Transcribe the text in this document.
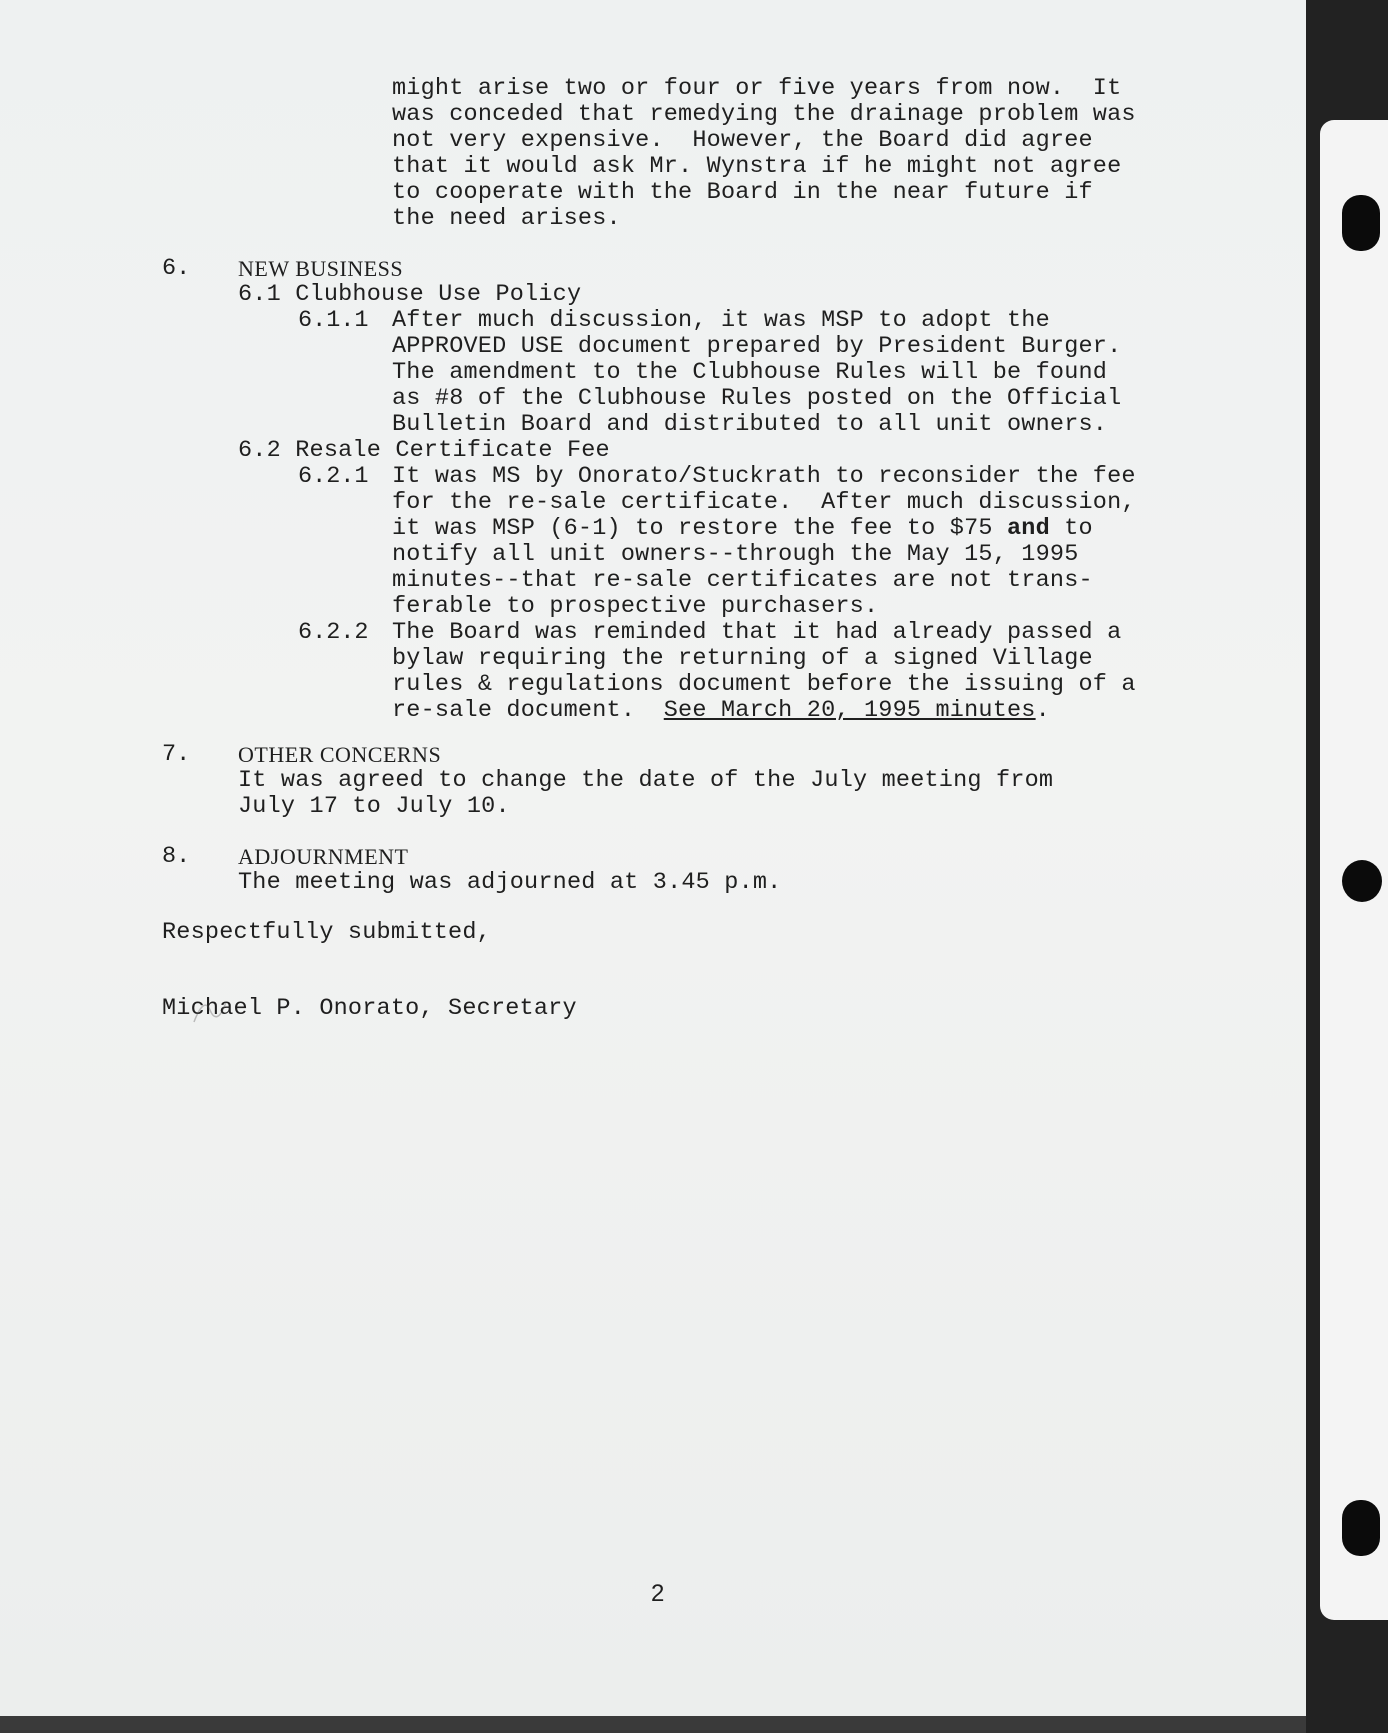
might arise two or four or five years from now.  It
was conceded that remedying the drainage problem was
not very expensive.  However, the Board did agree
that it would ask Mr. Wynstra if he might not agree
to cooperate with the Board in the near future if
the need arises.
6. NEW BUSINESS
6.1 Clubhouse Use Policy
6.1.1 After much discussion, it was MSP to adopt the
APPROVED USE document prepared by President Burger.
The amendment to the Clubhouse Rules will be found
as #8 of the Clubhouse Rules posted on the Official
Bulletin Board and distributed to all unit owners.
6.2 Resale Certificate Fee
6.2.1 It was MS by Onorato/Stuckrath to reconsider the fee
for the re-sale certificate.  After much discussion,
it was MSP (6-1) to restore the fee to $75 and to
notify all unit owners--through the May 15, 1995
minutes--that re-sale certificates are not trans-
ferable to prospective purchasers.
6.2.2 The Board was reminded that it had already passed a
bylaw requiring the returning of a signed Village
rules & regulations document before the issuing of a
re-sale document.  See March 20, 1995 minutes.
7. OTHER CONCERNS
It was agreed to change the date of the July meeting from
July 17 to July 10.
8. ADJOURNMENT
The meeting was adjourned at 3.45 p.m.
Respectfully submitted,
Michael P. Onorato, Secretary
2
